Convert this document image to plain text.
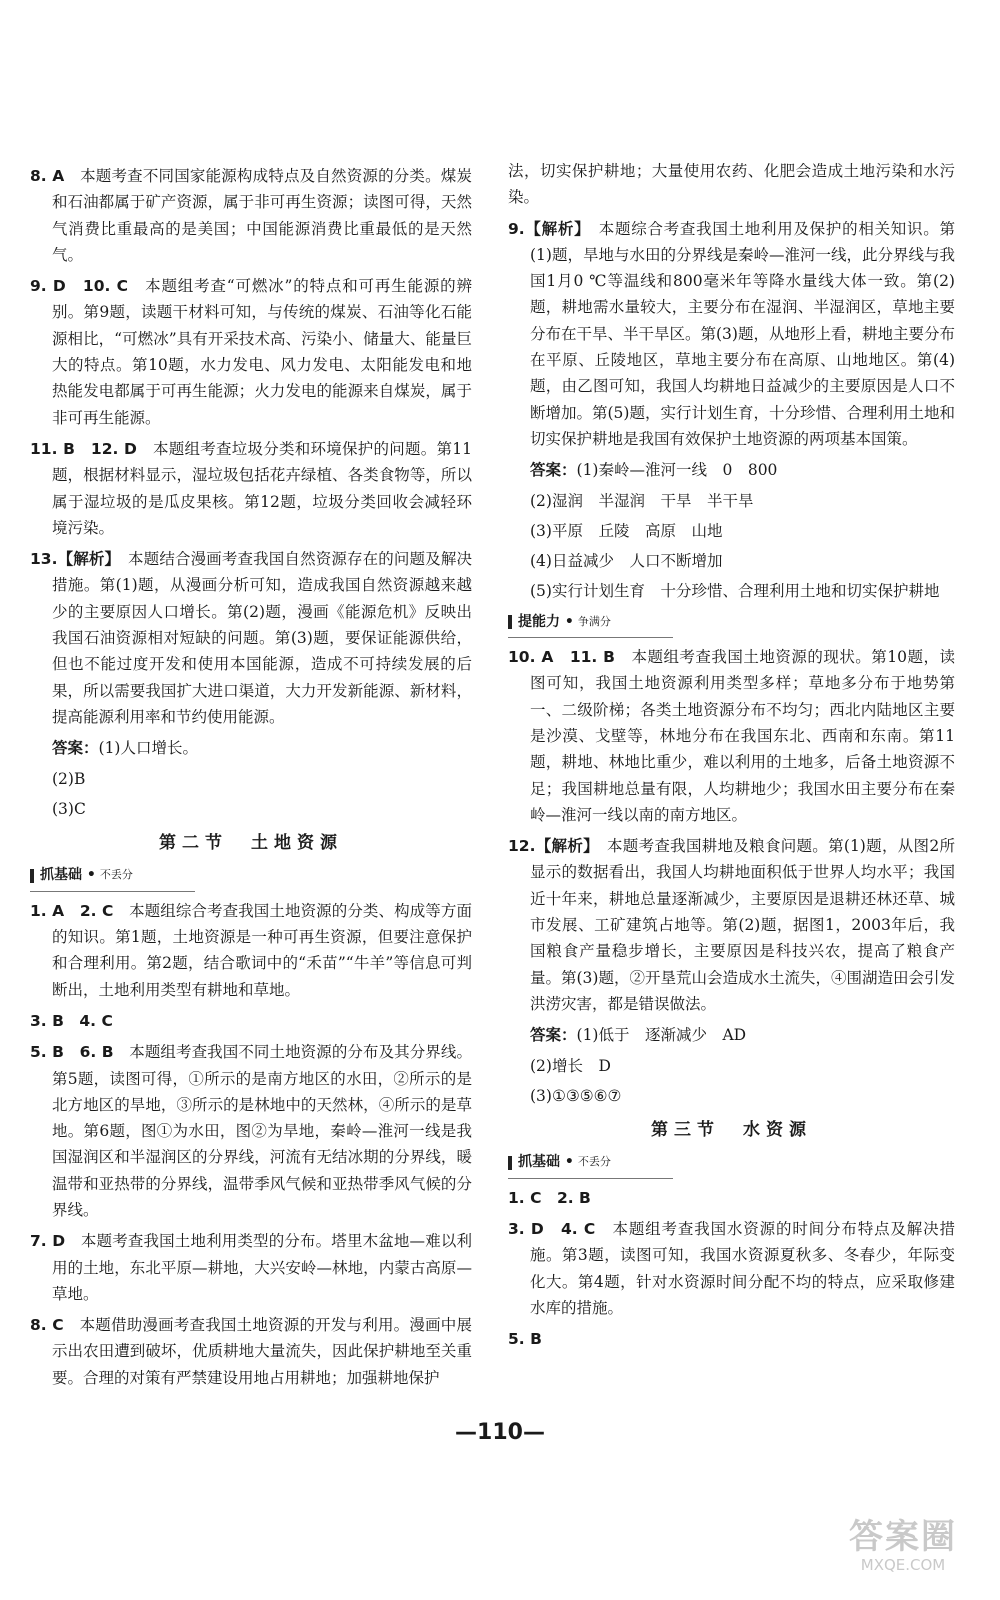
8. A　 本题考查不同国家能源构成特点及自然资源的分类。煤炭和石油都属于矿产资源，属于非可再生资源；读图可得，天然气消费比重最高的是美国；中国能源消费比重最低的是天然气。

9. D　10. C　 本题组考查“可燃冰”的特点和可再生能源的辨别。第9题，读题干材料可知，与传统的煤炭、石油等化石能源相比，“可燃冰”具有开采技术高、污染小、储量大、能量巨大的特点。第10题，水力发电、风力发电、太阳能发电和地热能发电都属于可再生能源；火力发电的能源来自煤炭，属于非可再生能源。

11. B　12. D　 本题组考查垃圾分类和环境保护的问题。第11题，根据材料显示，湿垃圾包括花卉绿植、各类食物等，所以属于湿垃圾的是瓜皮果核。第12题，垃圾分类回收会减轻环境污染。

13.【解析】　 本题结合漫画考查我国自然资源存在的问题及解决措施。第(1)题，从漫画分析可知，造成我国自然资源越来越少的主要原因人口增长。第(2)题，漫画《能源危机》反映出我国石油资源相对短缺的问题。第(3)题，要保证能源供给，但也不能过度开发和使用本国能源，造成不可持续发展的后果，所以需要我国扩大进口渠道，大力开发新能源、新材料，提高能源利用率和节约使用能源。

答案：(1)人口增长。
(2)B
(3)C
第二节　土地资源
抓基础 • 不丢分

1. A　2. C　 本题组综合考查我国土地资源的分类、构成等方面的知识。第1题，土地资源是一种可再生资源，但要注意保护和合理利用。第2题，结合歌词中的“禾苗”“牛羊”等信息可判断出，土地利用类型有耕地和草地。

3. B　4. C

5. B　6. B　 本题组考查我国不同土地资源的分布及其分界线。第5题，读图可得，①所示的是南方地区的水田，②所示的是北方地区的旱地，③所示的是林地中的天然林，④所示的是草地。第6题，图①为水田，图②为旱地，秦岭—淮河一线是我国湿润区和半湿润区的分界线，河流有无结冰期的分界线，暖温带和亚热带的分界线，温带季风气候和亚热带季风气候的分界线。

7. D　 本题考查我国土地利用类型的分布。塔里木盆地—难以利用的土地，东北平原—耕地，大兴安岭—林地，内蒙古高原—草地。

8. C　 本题借助漫画考查我国土地资源的开发与利用。漫画中展示出农田遭到破坏，优质耕地大量流失，因此保护耕地至关重要。合理的对策有严禁建设用地占用耕地；加强耕地保护

法，切实保护耕地；大量使用农药、化肥会造成土地污染和水污染。

9.【解析】　 本题综合考查我国土地利用及保护的相关知识。第(1)题，旱地与水田的分界线是秦岭—淮河一线，此分界线与我国1月0 ℃等温线和800毫米年等降水量线大体一致。第(2)题，耕地需水量较大，主要分布在湿润、半湿润区，草地主要分布在干旱、半干旱区。第(3)题，从地形上看，耕地主要分布在平原、丘陵地区，草地主要分布在高原、山地地区。第(4)题，由乙图可知，我国人均耕地日益减少的主要原因是人口不断增加。第(5)题，实行计划生育，十分珍惜、合理利用土地和切实保护耕地是我国有效保护土地资源的两项基本国策。

答案：(1)秦岭—淮河一线　0　800
(2)湿润　半湿润　干旱　半干旱
(3)平原　丘陵　高原　山地
(4)日益减少　人口不断增加
(5)实行计划生育　十分珍惜、合理利用土地和切实保护耕地
提能力 • 争满分

10. A　11. B　 本题组考查我国土地资源的现状。第10题，读图可知，我国土地资源利用类型多样；草地多分布于地势第一、二级阶梯；各类土地资源分布不均匀；西北内陆地区主要是沙漠、戈壁等，林地分布在我国东北、西南和东南。第11题，耕地、林地比重少，难以利用的土地多，后备土地资源不足；我国耕地总量有限，人均耕地少；我国水田主要分布在秦岭—淮河一线以南的南方地区。

12.【解析】　 本题考查我国耕地及粮食问题。第(1)题，从图2所显示的数据看出，我国人均耕地面积低于世界人均水平；我国近十年来，耕地总量逐渐减少，主要原因是退耕还林还草、城市发展、工矿建筑占地等。第(2)题，据图1，2003年后，我国粮食产量稳步增长，主要原因是科技兴农，提高了粮食产量。第(3)题，②开垦荒山会造成水土流失，④围湖造田会引发洪涝灾害，都是错误做法。

答案：(1)低于　逐渐减少　AD
(2)增长　D
(3)①③⑤⑥⑦
第三节　水资源
抓基础 • 不丢分

1. C　2. B

3. D　4. C　 本题组考查我国水资源的时间分布特点及解决措施。第3题，读图可知，我国水资源夏秋多、冬春少，年际变化大。第4题，针对水资源时间分配不均的特点，应采取修建水库的措施。

5. B

—110—
答案圈
MXQE.COM
